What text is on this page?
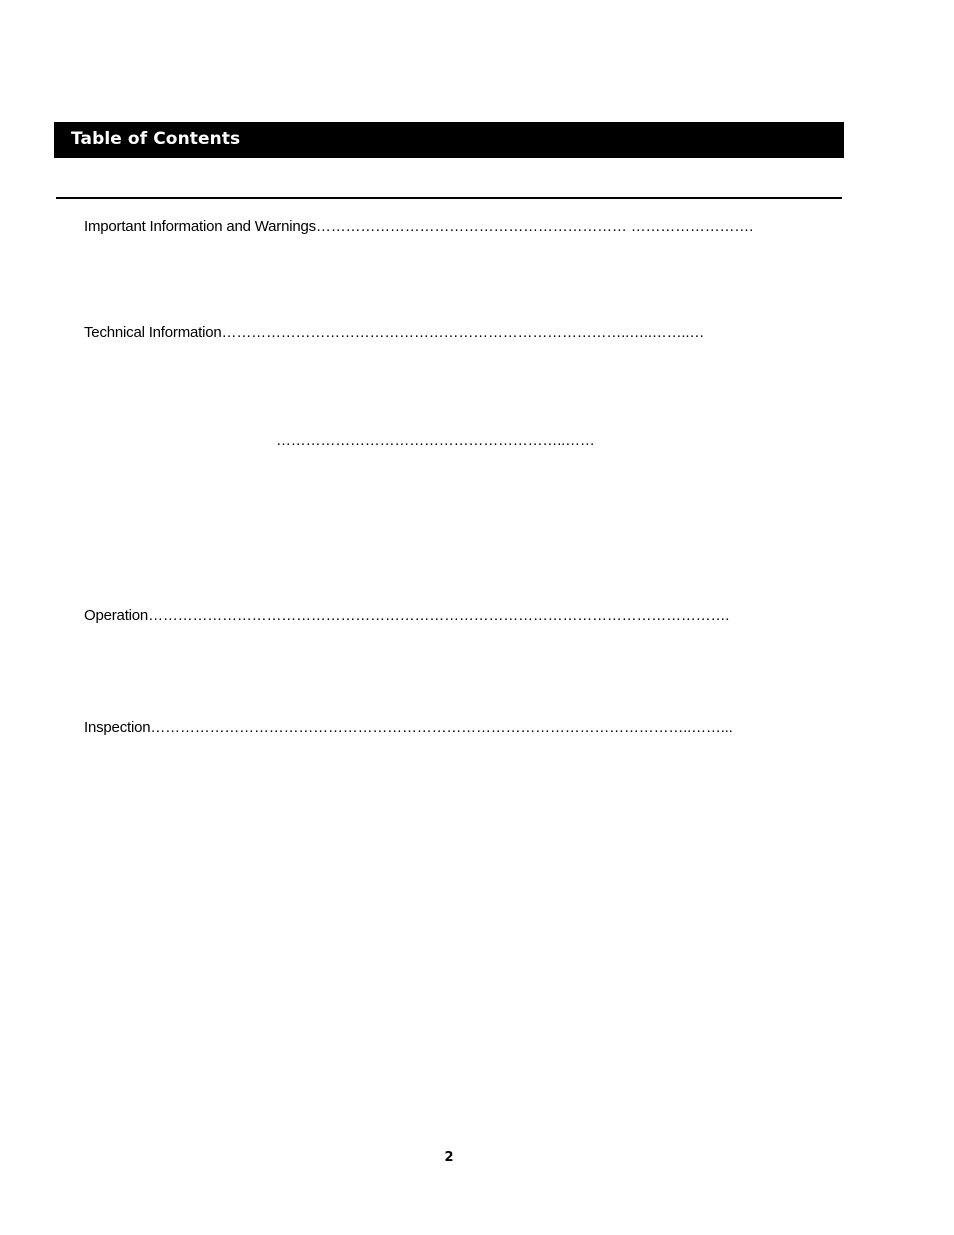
Table of Contents
Important Information and Warnings……………………………………………………… …………………….
Technical Information………………………………………………………………………..…..……..…
…………………………………………………..……
Operation……………………………………………………………………………………………………….
Inspection………………………………………………………………………………………………..……...
2
